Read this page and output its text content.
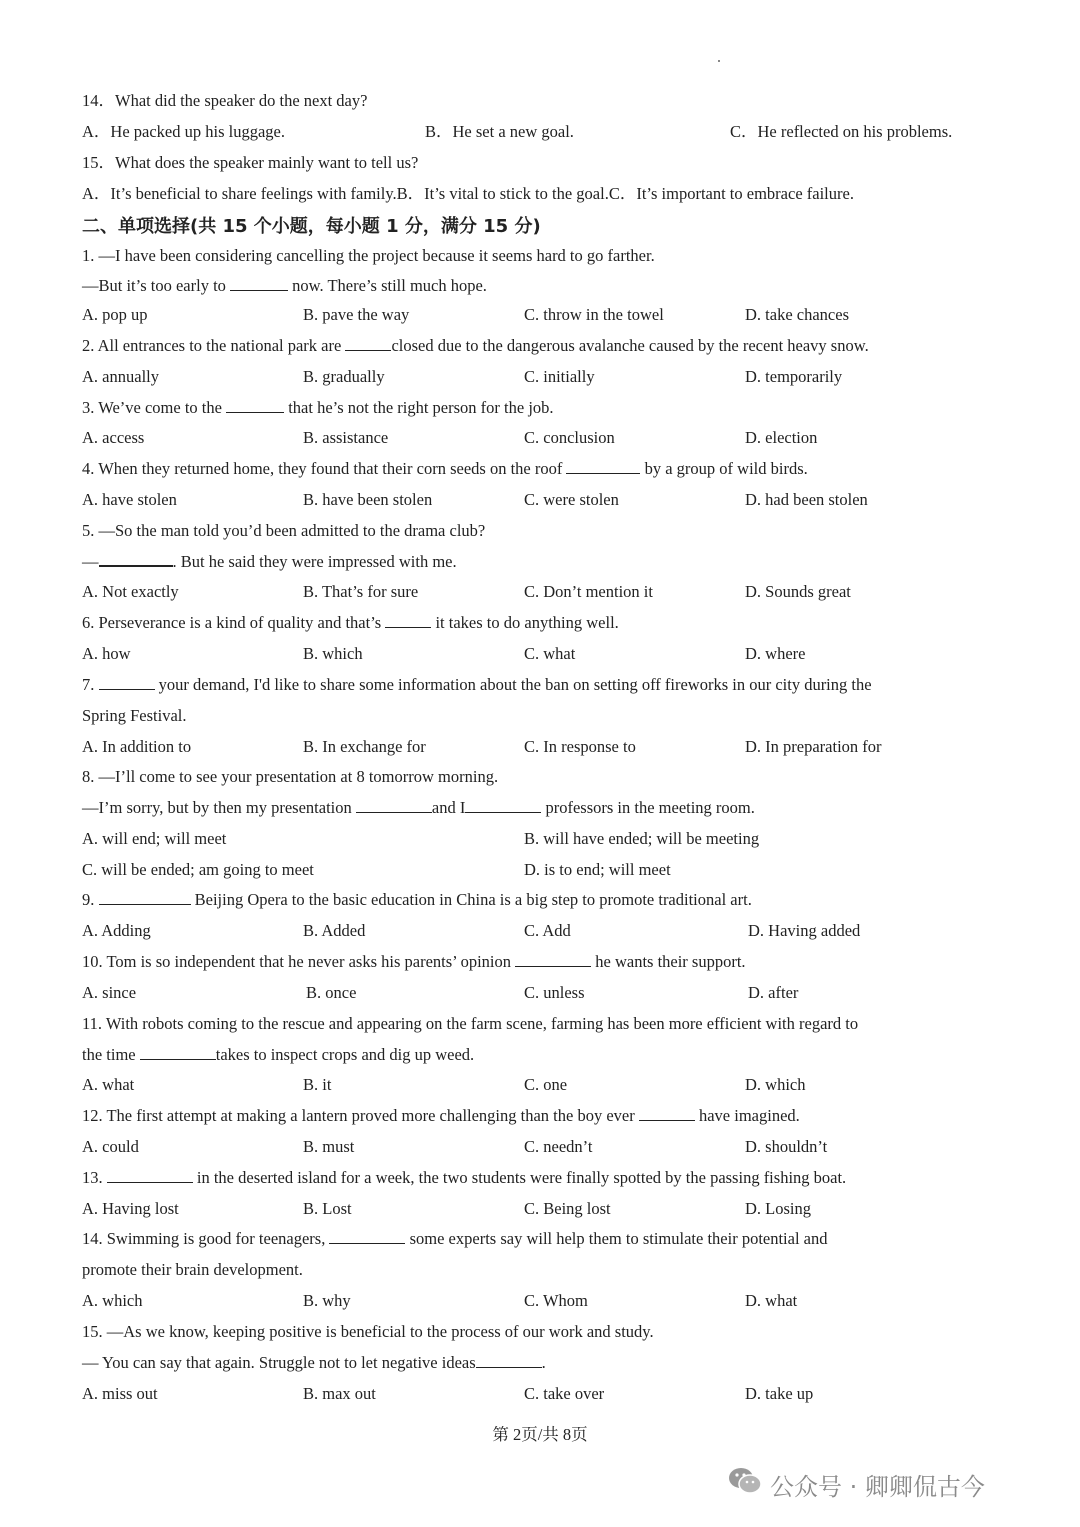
14．What did the speaker do the next day?
A．He packed up his luggage.	B．He set a new goal.	C．He reflected on his problems.
15．What does the speaker mainly want to tell us?
A．It’s beneficial to share feelings with family.B．It’s vital to stick to the goal.C．It’s important to embrace failure.
二、单项选择(共 15 个小题，每小题 1 分，满分 15 分)
1. —I have been considering cancelling the project because it seems hard to go farther.
—But it’s too early to	now. There’s still much hope.
A. pop up	B. pave the way	C. throw in the towel	D. take chances
2. All entrances to the national park are	closed due to the dangerous avalanche caused by the recent heavy snow.
A. annually	B. gradually	C. initially	D. temporarily
3. We’ve come to the	that he’s not the right person for the job.
A. access	B. assistance	C. conclusion	D. election
4. When they returned home, they found that their corn seeds on the roof	by a group of wild birds.
A. have stolen	B. have been stolen	C. were stolen	D. had been stolen
5. —So the man told you’d been admitted to the drama club?
—	. But he said they were impressed with me.
A. Not exactly	B. That’s for sure	C. Don’t mention it	D. Sounds great
6. Perseverance is a kind of quality and that’s	it takes to do anything well.
A. how	B. which	C. what	D. where
7.	your demand, I'd like to share some information about the ban on setting off fireworks in our city during the
Spring Festival.
A. In addition to	B. In exchange for	C. In response to	D. In preparation for
8. —I’ll come to see your presentation at 8 tomorrow morning.
—I’m sorry, but by then my presentation	and I	professors in the meeting room.
A. will end; will meet	B. will have ended; will be meeting
C. will be ended; am going to meet	D. is to end; will meet
9.	Beijing Opera to the basic education in China is a big step to promote traditional art.
A. Adding	B. Added	C. Add	D. Having added
10. Tom is so independent that he never asks his parents’ opinion	he wants their support.
A. since	B. once	C. unless	D. after
11. With robots coming to the rescue and appearing on the farm scene, farming has been more efficient with regard to
the time	takes to inspect crops and dig up weed.
A. what	B. it	C. one	D. which
12. The first attempt at making a lantern proved more challenging than the boy ever	have imagined.
A. could	B. must	C. needn’t	D. shouldn’t
13.	in the deserted island for a week, the two students were finally spotted by the passing fishing boat.
A. Having lost	B. Lost	C. Being lost	D. Losing
14. Swimming is good for teenagers,	some experts say will help them to stimulate their potential and
promote their brain development.
A. which	B. why	C. Whom	D. what
15. —As we know, keeping positive is beneficial to the process of our work and study.
— You can say that again. Struggle not to let negative ideas	.
A. miss out	B. max out	C. take over	D. take up
第 2页/共 8页
公众号 · 卿卿侃古今
